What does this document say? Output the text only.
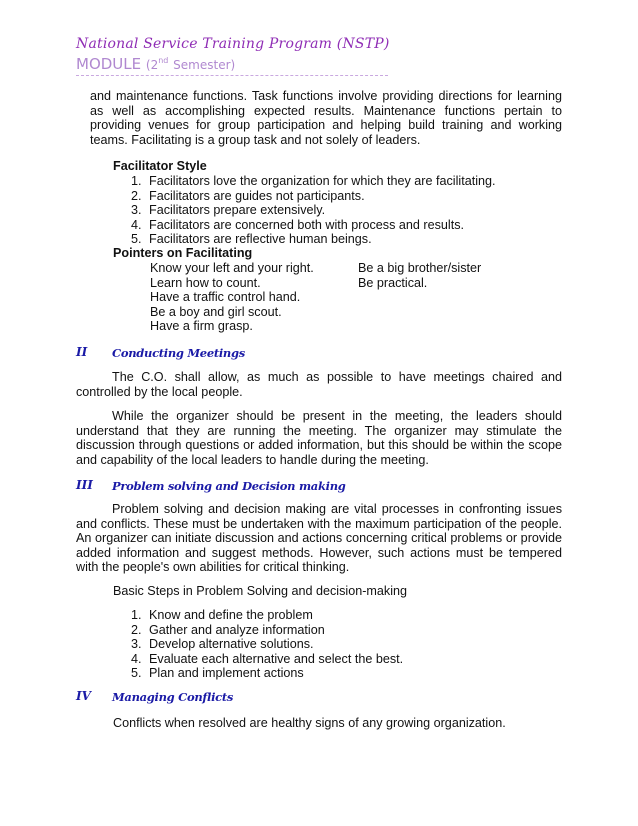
National Service Training Program (NSTP)
MODULE (2nd Semester)

and maintenance functions. Task functions involve providing directions for learning as well as accomplishing expected results. Maintenance functions pertain to providing venues for group participation and helping build training and working teams. Facilitating is a group task and not solely of leaders.

Facilitator Style

1. Facilitators love the organization for which they are facilitating.
2. Facilitators are guides not participants.
3. Facilitators prepare extensively.
4. Facilitators are concerned both with process and results.
5. Facilitators are reflective human beings.

Pointers on Facilitating

Know your left and your right.	Be a big brother/sister
Learn how to count.	Be practical.
Have a traffic control hand.
Be a boy and girl scout.
Have a firm grasp.
II Conducting Meetings

The C.O. shall allow, as much as possible to have meetings chaired and controlled by the local people.

While the organizer should be present in the meeting, the leaders should understand that they are running the meeting. The organizer may stimulate the discussion through questions or added information, but this should be within the scope and capability of the local leaders to handle during the meeting.

III Problem solving and Decision making

Problem solving and decision making are vital processes in confronting issues and conflicts. These must be undertaken with the maximum participation of the people. An organizer can initiate discussion and actions concerning critical problems or provide added information and suggest methods. However, such actions must be tempered with the people's own abilities for critical thinking.

Basic Steps in Problem Solving and decision-making

1. Know and define the problem
2. Gather and analyze information
3. Develop alternative solutions.
4. Evaluate each alternative and select the best.
5. Plan and implement actions
IV Managing Conflicts

Conflicts when resolved are healthy signs of any growing organization.
